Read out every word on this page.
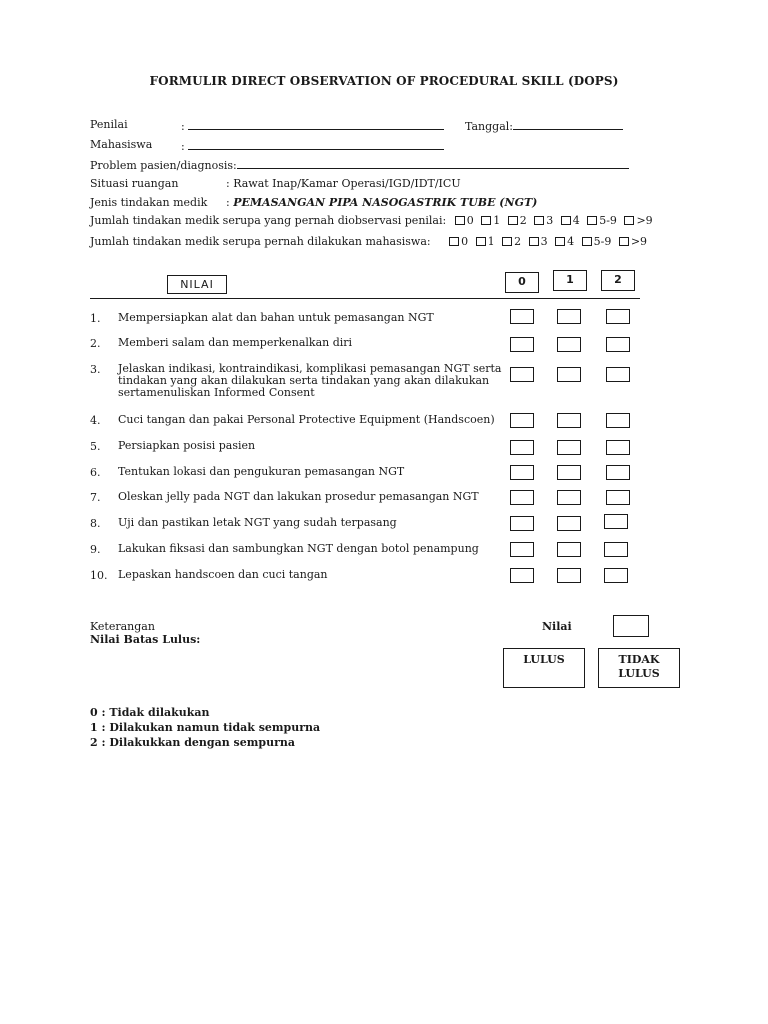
FORMULIR DIRECT OBSERVATION OF PROCEDURAL SKILL (DOPS)
Penilai	:	Tanggal:
Mahasiswa	:
Problem pasien/diagnosis:
Situasi ruangan	: Rawat Inap/Kamar Operasi/IGD/IDT/ICU
Jenis tindakan medik : PEMASANGAN PIPA NASOGASTRIK TUBE (NGT)
Jumlah tindakan medik serupa yang pernah diobservasi penilai: 0 1 2 3 4 5-9 >9
Jumlah tindakan medik serupa pernah dilakukan mahasiswa:	0 1 2 3 4 5-9 >9
NILAI	0	1	2
1.	Mempersiapkan alat dan bahan untuk pemasangan NGT
2.	Memberi salam dan memperkenalkan diri
3.	Jelaskan indikasi, kontraindikasi, komplikasi pemasangan NGT serta tindakan yang akan dilakukan serta tindakan yang akan dilakukan sertamenuliskan Informed Consent
4.	Cuci tangan dan pakai Personal Protective Equipment (Handscoen)
5.	Persiapkan posisi pasien
6.	Tentukan lokasi dan pengukuran pemasangan NGT
7.	Oleskan jelly pada NGT dan lakukan prosedur pemasangan NGT
8.	Uji dan pastikan letak NGT yang sudah terpasang
9.	Lakukan fiksasi dan sambungkan NGT dengan botol penampung
10. Lepaskan handscoen dan cuci tangan
Keterangan
Nilai Batas Lulus:
Nilai
LULUS	TIDAK
LULUS
0 : Tidak dilakukan
1 : Dilakukan namun tidak sempurna
2 : Dilakukkan dengan sempurna
